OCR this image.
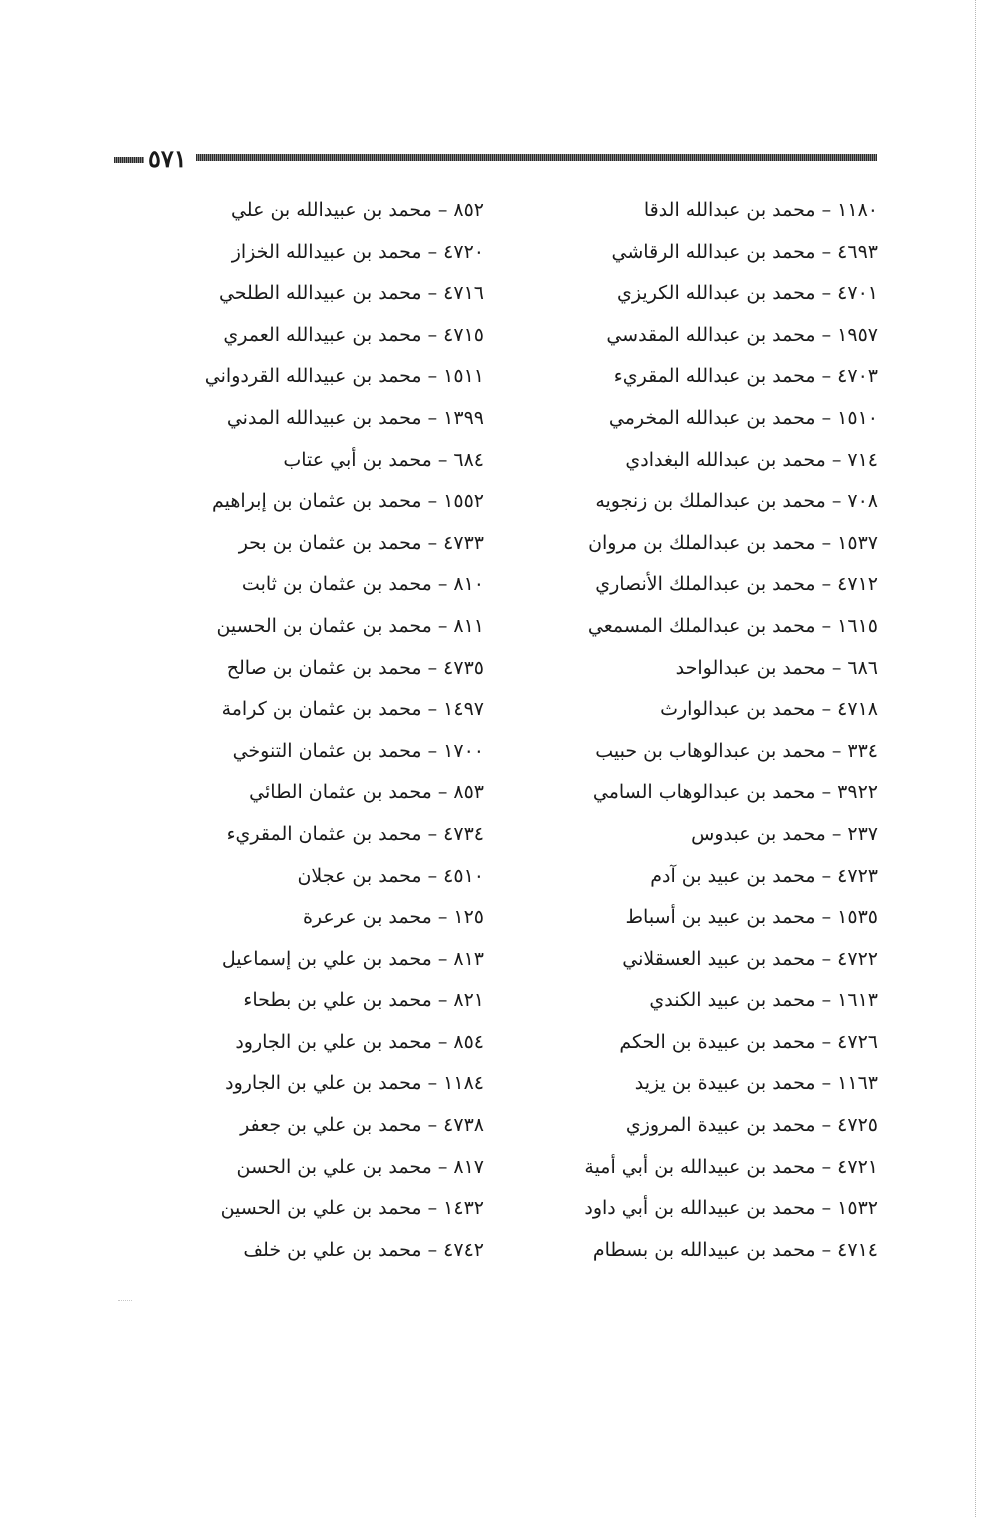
٥٧١
١١٨٠ – محمد بن عبدالله الدقا
٤٦٩٣ – محمد بن عبدالله الرقاشي
٤٧٠١ – محمد بن عبدالله الكريزي
١٩٥٧ – محمد بن عبدالله المقدسي
٤٧٠٣ – محمد بن عبدالله المقريء
١٥١٠ – محمد بن عبدالله المخرمي
٧١٤ – محمد بن عبدالله البغدادي
٧٠٨ – محمد بن عبدالملك بن زنجويه
١٥٣٧ – محمد بن عبدالملك بن مروان
٤٧١٢ – محمد بن عبدالملك الأنصاري
١٦١٥ – محمد بن عبدالملك المسمعي
٦٨٦ – محمد بن عبدالواحد
٤٧١٨ – محمد بن عبدالوارث
٣٣٤ – محمد بن عبدالوهاب بن حبيب
٣٩٢٢ – محمد بن عبدالوهاب السامي
٢٣٧ – محمد بن عبدوس
٤٧٢٣ – محمد بن عبيد بن آدم
١٥٣٥ – محمد بن عبيد بن أسباط
٤٧٢٢ – محمد بن عبيد العسقلاني
١٦١٣ – محمد بن عبيد الكندي
٤٧٢٦ – محمد بن عبيدة بن الحكم
١١٦٣ – محمد بن عبيدة بن يزيد
٤٧٢٥ – محمد بن عبيدة المروزي
٤٧٢١ – محمد بن عبيدالله بن أبي أمية
١٥٣٢ – محمد بن عبيدالله بن أبي داود
٤٧١٤ – محمد بن عبيدالله بن بسطام
٨٥٢ – محمد بن عبيدالله بن علي
٤٧٢٠ – محمد بن عبيدالله الخزاز
٤٧١٦ – محمد بن عبيدالله الطلحي
٤٧١٥ – محمد بن عبيدالله العمري
١٥١١ – محمد بن عبيدالله القردواني
١٣٩٩ – محمد بن عبيدالله المدني
٦٨٤ – محمد بن أبي عتاب
١٥٥٢ – محمد بن عثمان بن إبراهيم
٤٧٣٣ – محمد بن عثمان بن بحر
٨١٠ – محمد بن عثمان بن ثابت
٨١١ – محمد بن عثمان بن الحسين
٤٧٣٥ – محمد بن عثمان بن صالح
١٤٩٧ – محمد بن عثمان بن كرامة
١٧٠٠ – محمد بن عثمان التنوخي
٨٥٣ – محمد بن عثمان الطائي
٤٧٣٤ – محمد بن عثمان المقريء
٤٥١٠ – محمد بن عجلان
١٢٥ – محمد بن عرعرة
٨١٣ – محمد بن علي بن إسماعيل
٨٢١ – محمد بن علي بن بطحاء
٨٥٤ – محمد بن علي بن الجارود
١١٨٤ – محمد بن علي بن الجارود
٤٧٣٨ – محمد بن علي بن جعفر
٨١٧ – محمد بن علي بن الحسن
١٤٣٢ – محمد بن علي بن الحسين
٤٧٤٢ – محمد بن علي بن خلف
